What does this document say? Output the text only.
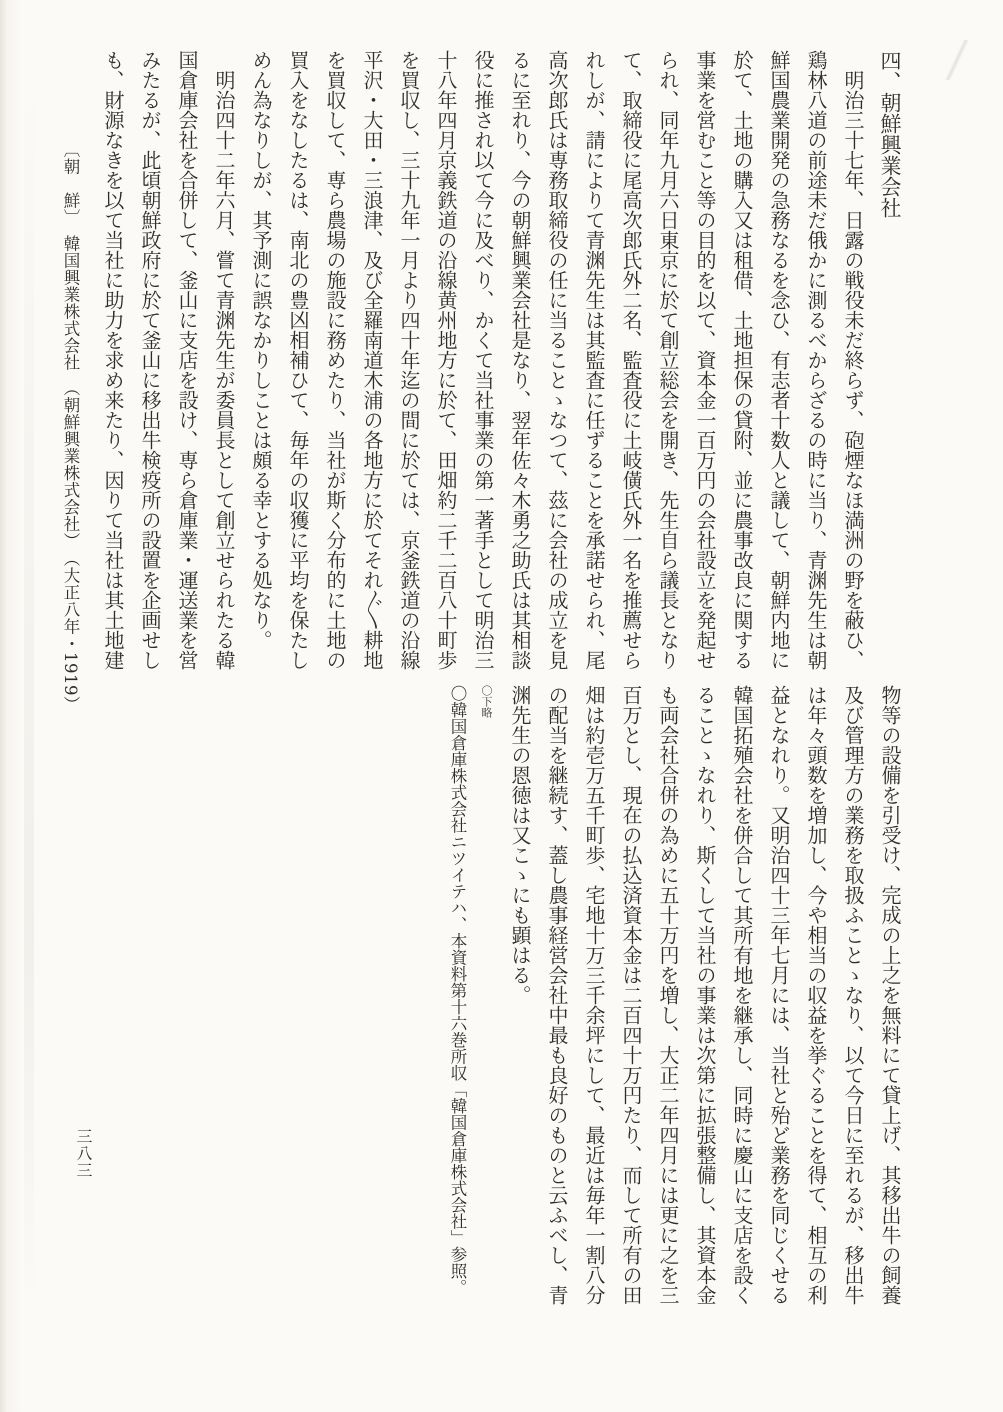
四、朝鮮興業会社

明治三十七年、日露の戦役未だ終らず、砲煙なほ満洲の野を蔽ひ、鶏林八道の前途未だ俄かに測るべからざるの時に当り、青渊先生は朝鮮国農業開発の急務なるを念ひ、有志者十数人と議して、朝鮮内地に於て、土地の購入又は租借、土地担保の貸附、並に農事改良に関する事業を営むこと等の目的を以て、資本金一百万円の会社設立を発起せられ、同年九月六日東京に於て創立総会を開き、先生自ら議長となりて、取締役に尾高次郎氏外二名、監査役に土岐僙氏外一名を推薦せられしが、請によりて青渊先生は其監査に任ずることを承諾せられ、尾高次郎氏は専務取締役の任に当ることゝなつて、茲に会社の成立を見るに至れり、今の朝鮮興業会社是なり、翌年佐々木勇之助氏は其相談役に推され以て今に及べり、かくて当社事業の第一著手として明治三十八年四月京義鉄道の沿線黄州地方に於て、田畑約二千二百八十町歩を買収し、三十九年一月より四十年迄の間に於ては、京釜鉄道の沿線平沢・大田・三浪津、及び全羅南道木浦の各地方に於てそれ〴〵耕地を買収して、専ら農場の施設に務めたり、当社が斯く分布的に土地の買入をなしたるは、南北の豊凶相補ひて、毎年の収獲に平均を保たしめん為なりしが、其予測に誤なかりしことは頗る幸とする処なり。

明治四十二年六月、嘗て青渊先生が委員長として創立せられたる韓国倉庫会社を合併して、釜山に支店を設け、専ら倉庫業・運送業を営みたるが、此頃朝鮮政府に於て釜山に移出牛検疫所の設置を企画せしも、財源なきを以て当社に助力を求め来たり、因りて当社は其土地建

物等の設備を引受け、完成の上之を無料にて貸上げ、其移出牛の飼養及び管理方の業務を取扱ふことゝなり、以て今日に至れるが、移出牛は年々頭数を増加し、今や相当の収益を挙ぐることを得て、相互の利益となれり。又明治四十三年七月には、当社と殆ど業務を同じくせる韓国拓殖会社を併合して其所有地を継承し、同時に慶山に支店を設くることゝなれり、斯くして当社の事業は次第に拡張整備し、其資本金も両会社合併の為めに五十万円を増し、大正二年四月には更に之を三百万とし、現在の払込済資本金は二百四十万円たり、而して所有の田畑は約壱万五千町歩、宅地十万三千余坪にして、最近は毎年一割八分の配当を継続す、蓋し農事経営会社中最も良好のものと云ふべし、青渊先生の恩徳は又こゝにも顕はる。

〇下略

〇韓国倉庫株式会社ニツイテハ、本資料第十六巻所収「韓国倉庫株式会社」参照。

〔朝　鮮〕　韓国興業株式会社　（朝鮮興業株式会社）　（大正八年・1919）
三八三
